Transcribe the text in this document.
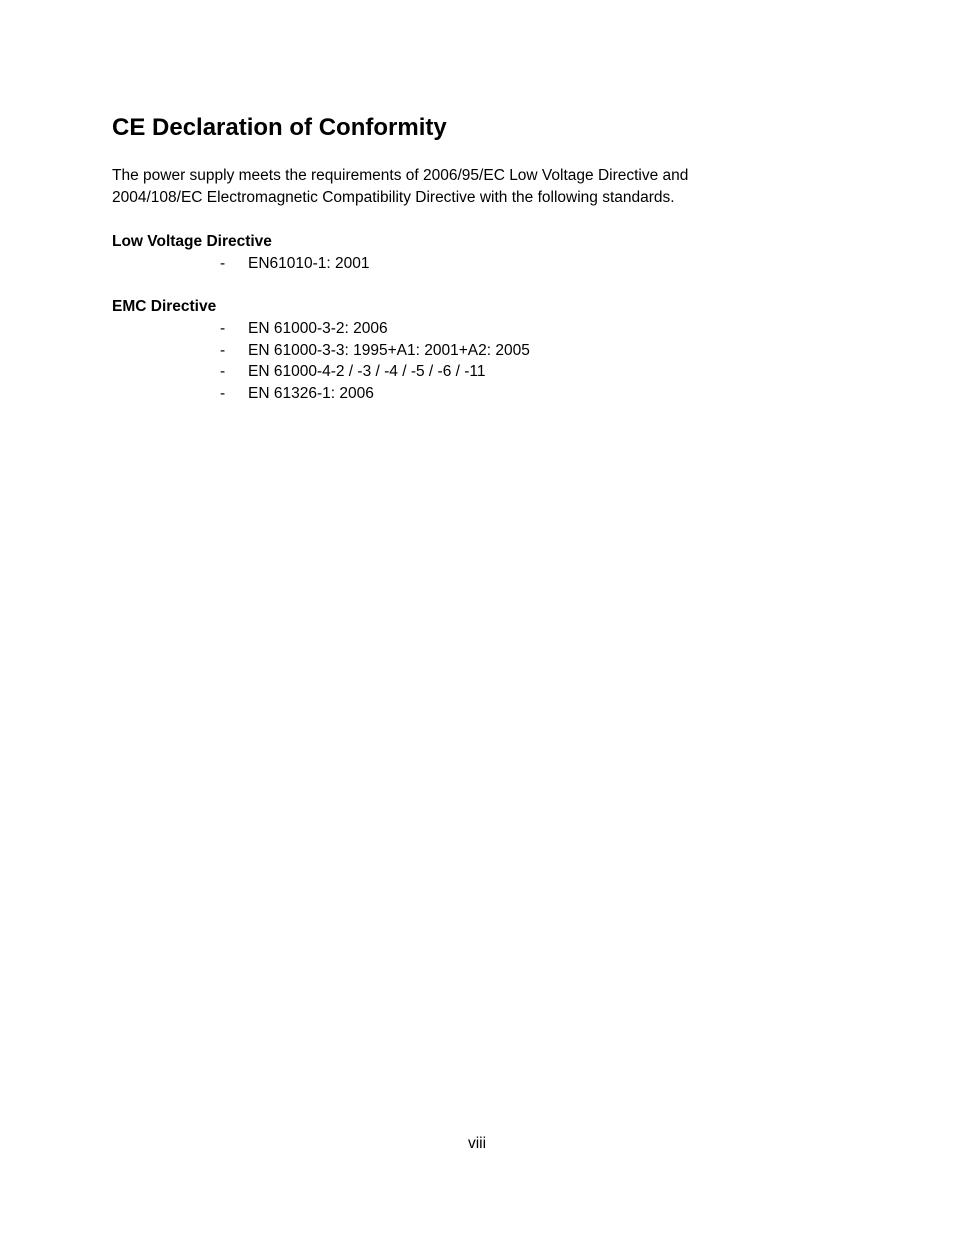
CE Declaration of Conformity

The power supply meets the requirements of 2006/95/EC Low Voltage Directive and
2004/108/EC Electromagnetic Compatibility Directive with the following standards.

Low Voltage Directive
- EN61010-1: 2001
EMC Directive
- EN 61000-3-2: 2006
- EN 61000-3-3: 1995+A1: 2001+A2: 2005
- EN 61000-4-2 / -3 / -4 / -5 / -6 / -11
- EN 61326-1: 2006
viii
